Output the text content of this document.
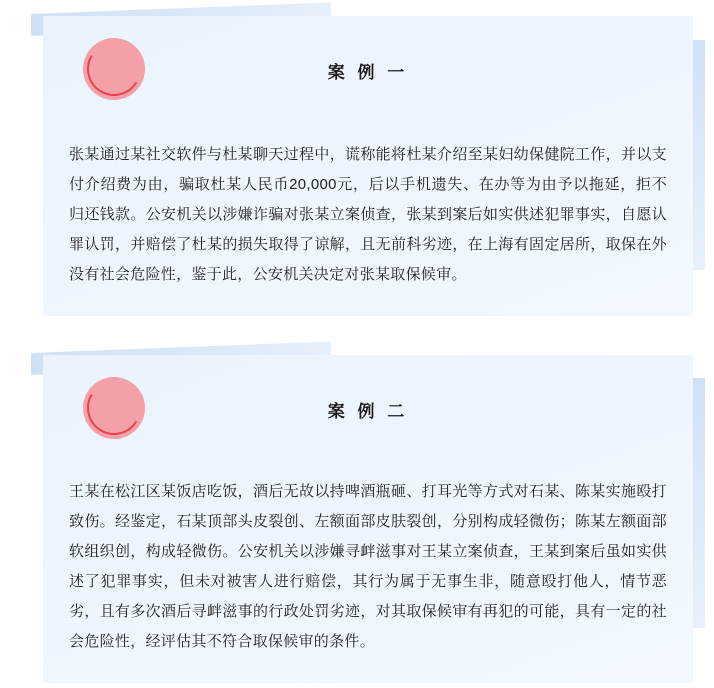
案 例 一
张某通过某社交软件与杜某聊天过程中，谎称能将杜某介绍至某妇幼保健院工作，并以支付介绍费为由，骗取杜某人民币20,000元，后以手机遗失、在办等为由予以拖延，拒不归还钱款。公安机关以涉嫌诈骗对张某立案侦查，张某到案后如实供述犯罪事实，自愿认罪认罚，并赔偿了杜某的损失取得了谅解，且无前科劣迹，在上海有固定居所，取保在外没有社会危险性，鉴于此，公安机关决定对张某取保候审。
案 例 二
王某在松江区某饭店吃饭，酒后无故以持啤酒瓶砸、打耳光等方式对石某、陈某实施殴打致伤。经鉴定，石某顶部头皮裂创、左额面部皮肤裂创，分别构成轻微伤；陈某左额面部软组织创，构成轻微伤。公安机关以涉嫌寻衅滋事对王某立案侦查，王某到案后虽如实供述了犯罪事实，但未对被害人进行赔偿，其行为属于无事生非，随意殴打他人，情节恶劣，且有多次酒后寻衅滋事的行政处罚劣迹，对其取保候审有再犯的可能，具有一定的社会危险性，经评估其不符合取保候审的条件。
